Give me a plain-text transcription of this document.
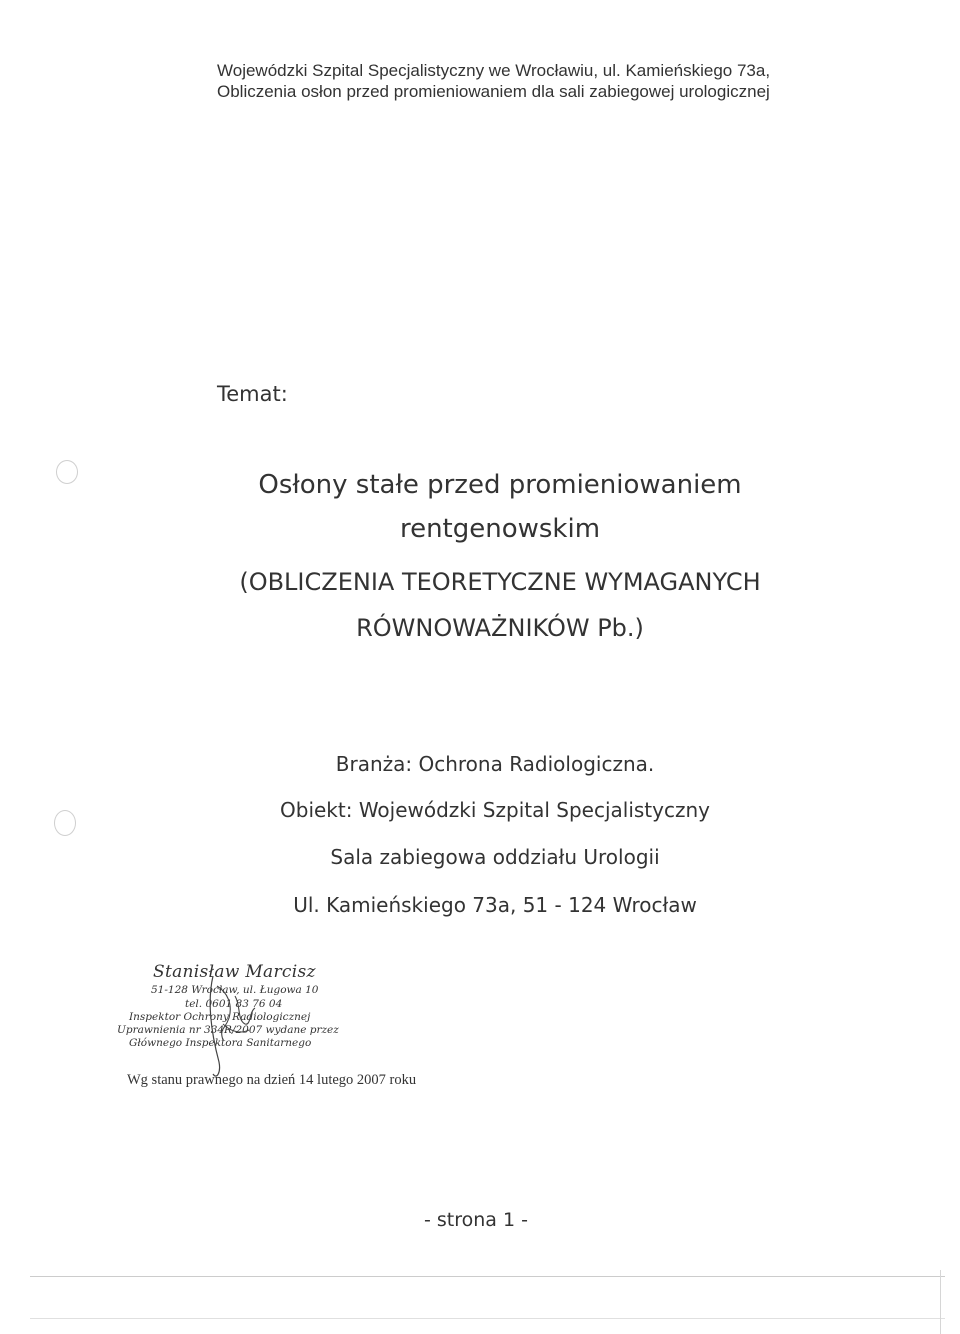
Wojewódzki Szpital Specjalistyczny we Wrocławiu, ul. Kamieńskiego 73a,
Obliczenia osłon przed promieniowaniem dla sali zabiegowej urologicznej
Temat:
Osłony stałe przed promieniowaniem
rentgenowskim
(OBLICZENIA TEORETYCZNE WYMAGANYCH
RÓWNOWAŻNIKÓW Pb.)
Branża: Ochrona Radiologiczna.
Obiekt: Wojewódzki Szpital Specjalistyczny
Sala zabiegowa oddziału Urologii
Ul. Kamieńskiego 73a, 51 - 124 Wrocław
Stanisław Marcisz
51-128 Wrocław, ul. Ługowa 10
tel. 0601 83 76 04
Inspektor Ochrony Radiologicznej
Uprawnienia nr 334R/2007 wydane przez
Głównego Inspektora Sanitarnego
Wg stanu prawnego na dzień 14 lutego 2007 roku
- strona 1 -
